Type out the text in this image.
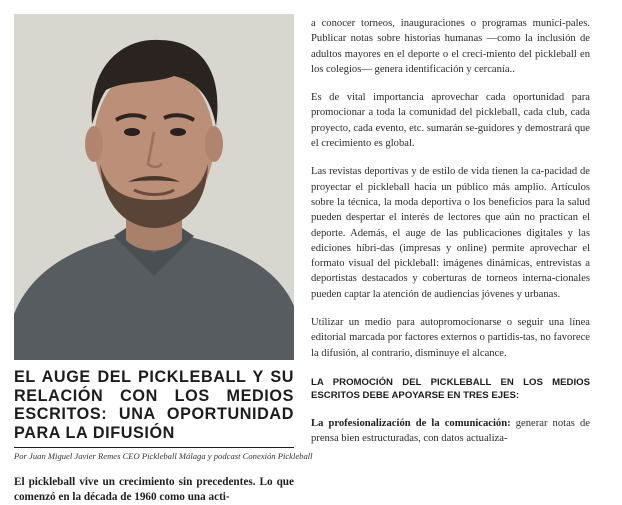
EL AUGE DEL PICKLEBALL Y SU RELACIÓN CON LOS MEDIOS ESCRITOS: UNA OPORTUNIDAD PARA LA DIFUSIÓN
Por Juan Miguel Javier Remes CEO Pickleball Málaga y podcast Conexión Pickleball
El pickleball vive un crecimiento sin precedentes. Lo que comenzó en la década de 1960 como una acti-

a conocer torneos, inauguraciones o programas munici-pales. Publicar notas sobre historias humanas —como la inclusión de adultos mayores en el deporte o el creci-miento del pickleball en los colegios— genera identificación y cercanía..

Es de vital importancia aprovechar cada oportunidad para promocionar a toda la comunidad del pickleball, cada club, cada proyecto, cada evento, etc. sumarán se-guidores y demostrará que el crecimiento es global.

Las revistas deportivas y de estilo de vida tienen la ca-pacidad de proyectar el pickleball hacia un público más amplio. Artículos sobre la técnica, la moda deportiva o los beneficios para la salud pueden despertar el interés de lectores que aún no practican el deporte. Además, el auge de las publicaciones digitales y las ediciones híbri-das (impresas y online) permite aprovechar el formato visual del pickleball: imágenes dinámicas, entrevistas a deportistas destacados y coberturas de torneos interna-cionales pueden captar la atención de audiencias jóvenes y urbanas.

Utilizar un medio para autopromocionarse o seguir una línea editorial marcada por factores externos o partidis-tas, no favorece la difusión, al contrario, disminuye el alcance.

LA PROMOCIÓN DEL PICKLEBALL EN LOS MEDIOS ESCRITOS DEBE APOYARSE EN TRES EJES:

La profesionalización de la comunicación: generar notas de prensa bien estructuradas, con datos actualiza-
